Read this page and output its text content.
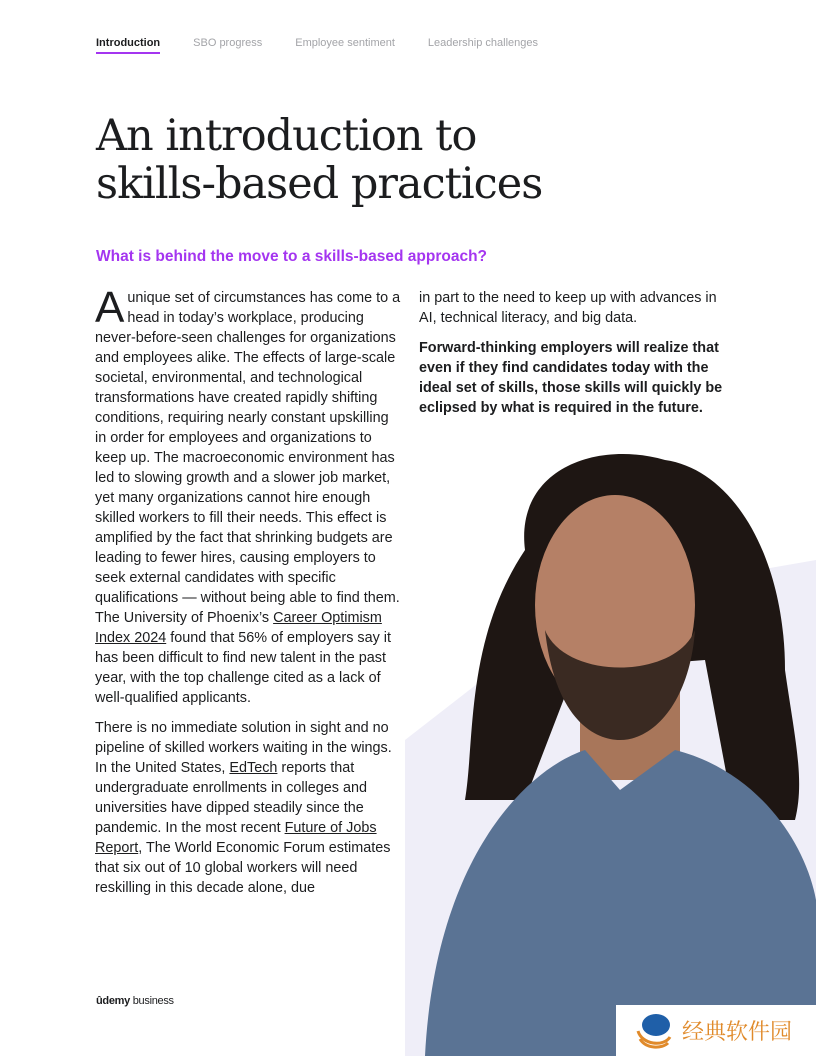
Introduction	SBO progress	Employee sentiment	Leadership challenges
An introduction to
skills-based practices
What is behind the move to a skills-based approach?

Aunique set of circumstances has come to a head in today’s workplace, producing never-before-seen challenges for organizations and employees alike. The effects of large-scale societal, environmental, and technological transformations have created rapidly shifting conditions, requiring nearly constant upskilling in order for employees and organizations to keep up. The macroeconomic environment has led to slowing growth and a slower job market, yet many organizations cannot hire enough skilled workers to fill their needs. This effect is amplified by the fact that shrinking budgets are leading to fewer hires, causing employers to seek external candidates with specific qualifications — without being able to find them. The University of Phoenix’s Career Optimism Index 2024 found that 56% of employers say it has been difficult to find new talent in the past year, with the top challenge cited as a lack of well-qualified applicants.

There is no immediate solution in sight and no pipeline of skilled workers waiting in the wings. In the United States, EdTech reports that undergraduate enrollments in colleges and universities have dipped steadily since the pandemic. In the most recent Future of Jobs Report, The World Economic Forum estimates that six out of 10 global workers will need reskilling in this decade alone, due

in part to the need to keep up with advances in AI, technical literacy, and big data.

Forward-thinking employers will realize that even if they find candidates today with the ideal set of skills, those skills will quickly be eclipsed by what is required in the future.

ûdemy business
经典软件园
